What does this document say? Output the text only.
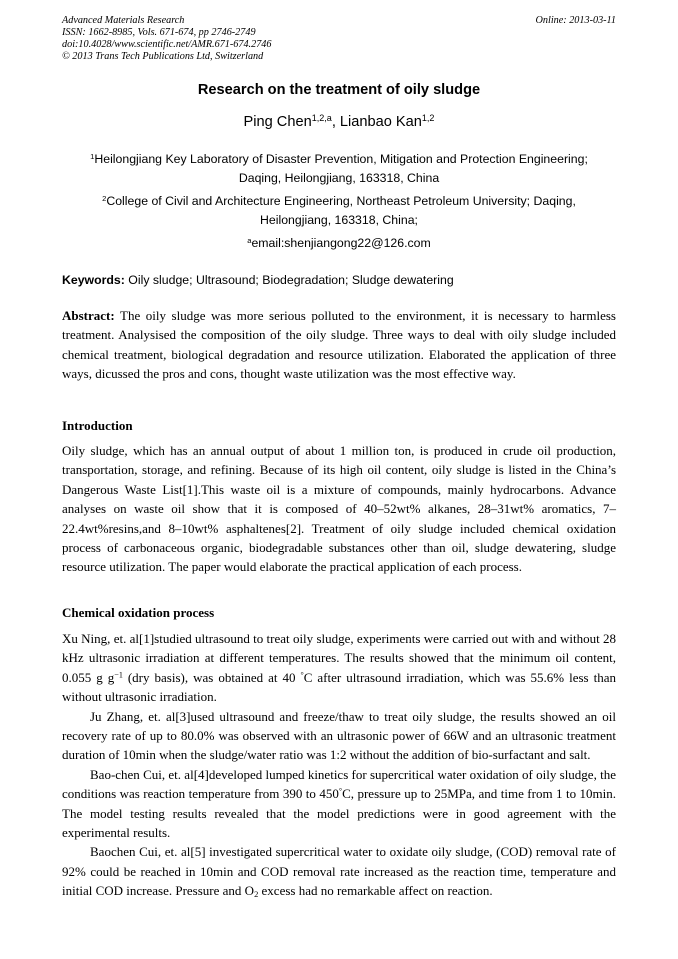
Advanced Materials Research
ISSN: 1662-8985, Vols. 671-674, pp 2746-2749
doi:10.4028/www.scientific.net/AMR.671-674.2746
© 2013 Trans Tech Publications Ltd, Switzerland
Online: 2013-03-11
Research on the treatment of oily sludge
Ping Chen$^{1,2,a}$, Lianbao Kan$^{1,2}$
$^1$Heilongjiang Key Laboratory of Disaster Prevention, Mitigation and Protection Engineering;
Daqing, Heilongjiang, 163318, China
$^2$College of Civil and Architecture Engineering, Northeast Petroleum University; Daqing,
Heilongjiang, 163318, China;
$^a$email:shenjiangong22@126.com
Keywords: Oily sludge; Ultrasound; Biodegradation; Sludge dewatering
Abstract: The oily sludge was more serious polluted to the environment, it is necessary to harmless treatment. Analysised the composition of the oily sludge. Three ways to deal with oily sludge included chemical treatment, biological degradation and resource utilization. Elaborated the application of three ways, dicussed the pros and cons, thought waste utilization was the most effective way.
Introduction
Oily sludge, which has an annual output of about 1 million ton, is produced in crude oil production, transportation, storage, and refining. Because of its high oil content, oily sludge is listed in the China’s Dangerous Waste List[1].This waste oil is a mixture of compounds, mainly hydrocarbons. Advance analyses on waste oil show that it is composed of 40–52wt% alkanes, 28–31wt% aromatics, 7–22.4wt%resins,and 8–10wt% asphaltenes[2]. Treatment of oily sludge included chemical oxidation process of carbonaceous organic, biodegradable substances other than oil, sludge dewatering, sludge resource utilization. The paper would elaborate the practical application of each process.
Chemical oxidation process

Xu Ning, et. al[1]studied ultrasound to treat oily sludge, experiments were carried out with and without 28 kHz ultrasonic irradiation at different temperatures. The results showed that the minimum oil content, 0.055 g $g^{-1}$ (dry basis), was obtained at 40 °C after ultrasound irradiation, which was 55.6% less than without ultrasonic irradiation.

Ju Zhang, et. al[3]used ultrasound and freeze/thaw to treat oily sludge, the results showed an oil recovery rate of up to 80.0% was observed with an ultrasonic power of 66W and an ultrasonic treatment duration of 10min when the sludge/water ratio was 1:2 without the addition of bio-surfactant and salt.

Bao-chen Cui, et. al[4]developed lumped kinetics for supercritical water oxidation of oily sludge, the conditions was reaction temperature from 390 to 450°C, pressure up to 25MPa, and time from 1 to 10min. The model testing results revealed that the model predictions were in good agreement with the experimental results.

Baochen Cui, et. al[5] investigated supercritical water to oxidate oily sludge, (COD) removal rate of 92% could be reached in 10min and COD removal rate increased as the reaction time, temperature and initial COD increase. Pressure and $O_2$ excess had no remarkable affect on reaction.
